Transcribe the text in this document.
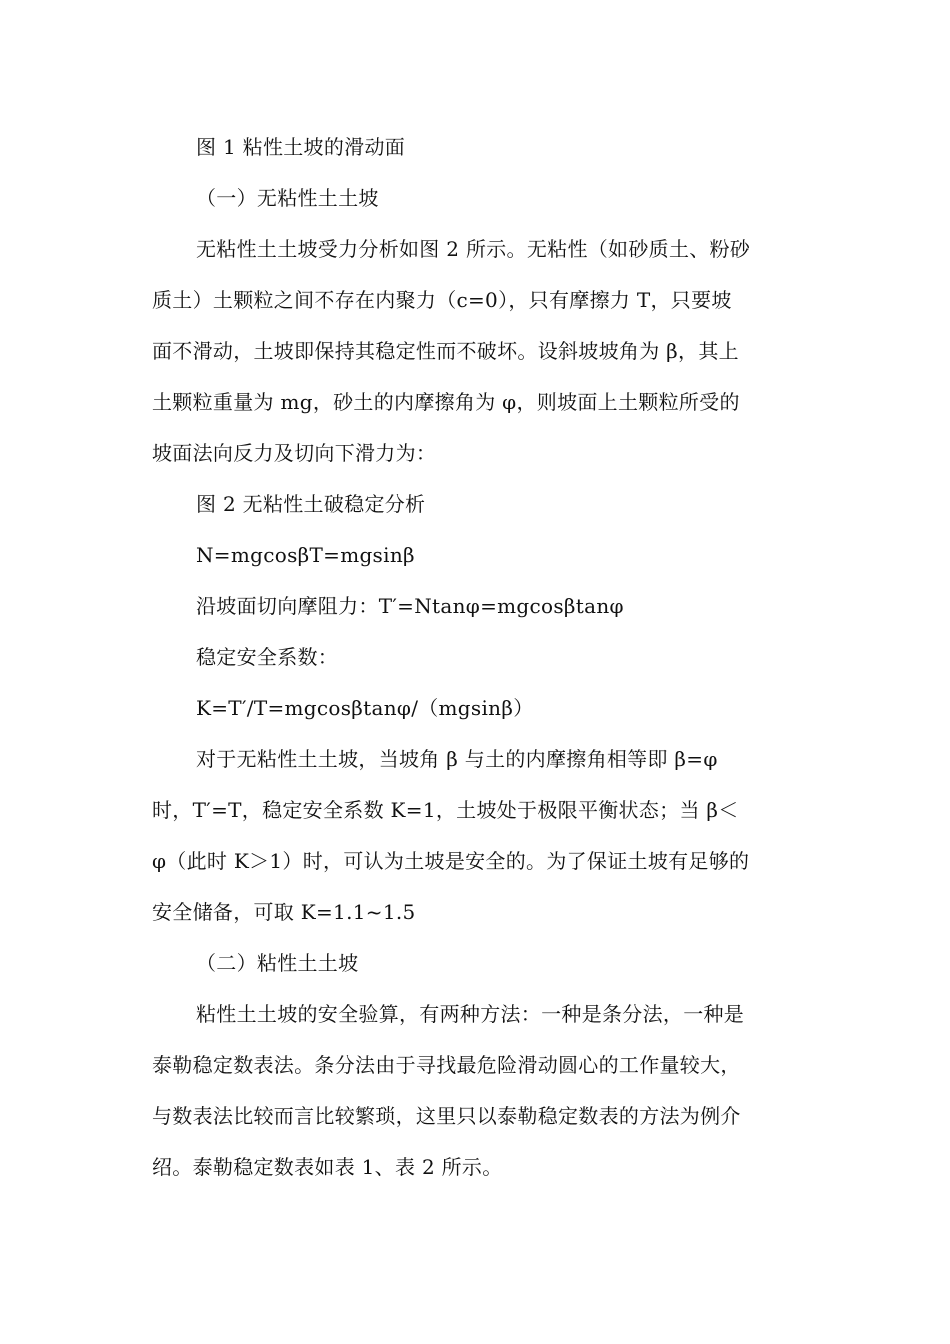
图 1 粘性土坡的滑动面
（一）无粘性土土坡
无粘性土土坡受力分析如图 2 所示。无粘性（如砂质土、粉砂
质土）土颗粒之间不存在内聚力（c=0），只有摩擦力 T，只要坡
面不滑动，土坡即保持其稳定性而不破坏。设斜坡坡角为 β，其上
土颗粒重量为 mg，砂土的内摩擦角为 φ，则坡面上土颗粒所受的
坡面法向反力及切向下滑力为：
图 2 无粘性土破稳定分析
N=mgcosβT=mgsinβ
沿坡面切向摩阻力：T′=Ntanφ=mgcosβtanφ
稳定安全系数：
K=T′/T=mgcosβtanφ/（mgsinβ）
对于无粘性土土坡，当坡角 β 与土的内摩擦角相等即 β=φ
时，T′=T，稳定安全系数 K=1，土坡处于极限平衡状态；当 β＜
φ（此时 K＞1）时，可认为土坡是安全的。为了保证土坡有足够的
安全储备，可取 K=1.1~1.5
（二）粘性土土坡
粘性土土坡的安全验算，有两种方法：一种是条分法，一种是
泰勒稳定数表法。条分法由于寻找最危险滑动圆心的工作量较大，
与数表法比较而言比较繁琐，这里只以泰勒稳定数表的方法为例介
绍。泰勒稳定数表如表 1、表 2 所示。
